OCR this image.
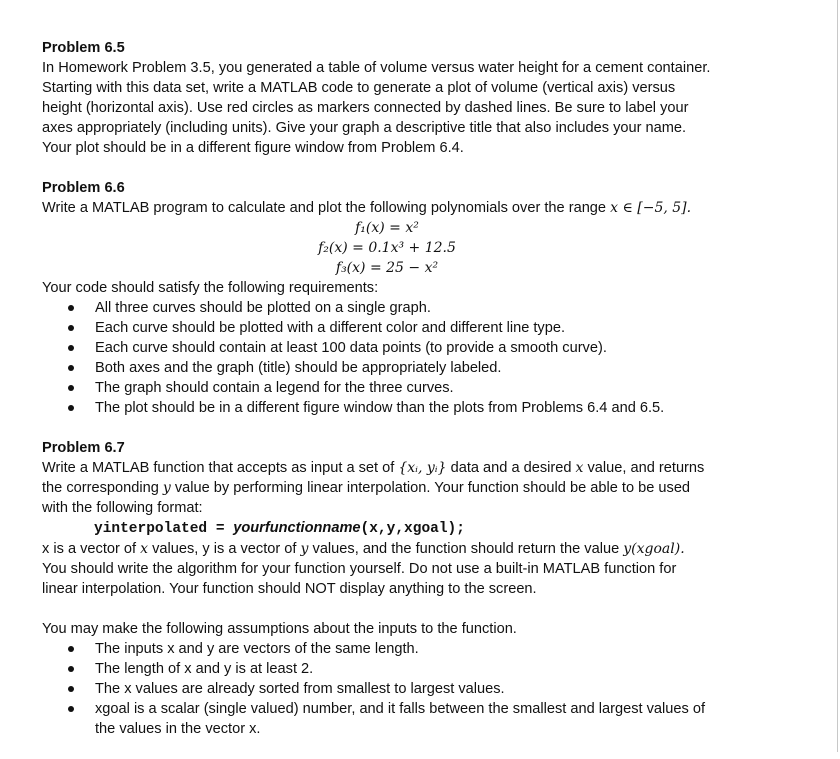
Problem 6.5

In Homework Problem 3.5, you generated a table of volume versus water height for a cement container.

Starting with this data set, write a MATLAB code to generate a plot of volume (vertical axis) versus

height (horizontal axis). Use red circles as markers connected by dashed lines. Be sure to label your

axes appropriately (including units). Give your graph a descriptive title that also includes your name.

Your plot should be in a different figure window from Problem 6.4.

Problem 6.6

Write a MATLAB program to calculate and plot the following polynomials over the range x ∈ [−5, 5].

f₁(x) = x²
f₂(x) = 0.1x³ + 12.5
f₃(x) = 25 − x²

Your code should satisfy the following requirements:

All three curves should be plotted on a single graph.
Each curve should be plotted with a different color and different line type.
Each curve should contain at least 100 data points (to provide a smooth curve).
Both axes and the graph (title) should be appropriately labeled.
The graph should contain a legend for the three curves.
The plot should be in a different figure window than the plots from Problems 6.4 and 6.5.

Problem 6.7

Write a MATLAB function that accepts as input a set of {xᵢ, yᵢ} data and a desired x value, and returns

the corresponding y value by performing linear interpolation. Your function should be able to be used

with the following format:

yinterpolated = yourfunctionname(x,y,xgoal);

x is a vector of x values, y is a vector of y values, and the function should return the value y(xgoal).

You should write the algorithm for your function yourself. Do not use a built-in MATLAB function for

linear interpolation. Your function should NOT display anything to the screen.

You may make the following assumptions about the inputs to the function.

The inputs x and y are vectors of the same length.
The length of x and y is at least 2.
The x values are already sorted from smallest to largest values.
xgoal is a scalar (single valued) number, and it falls between the smallest and largest values of
the values in the vector x.
